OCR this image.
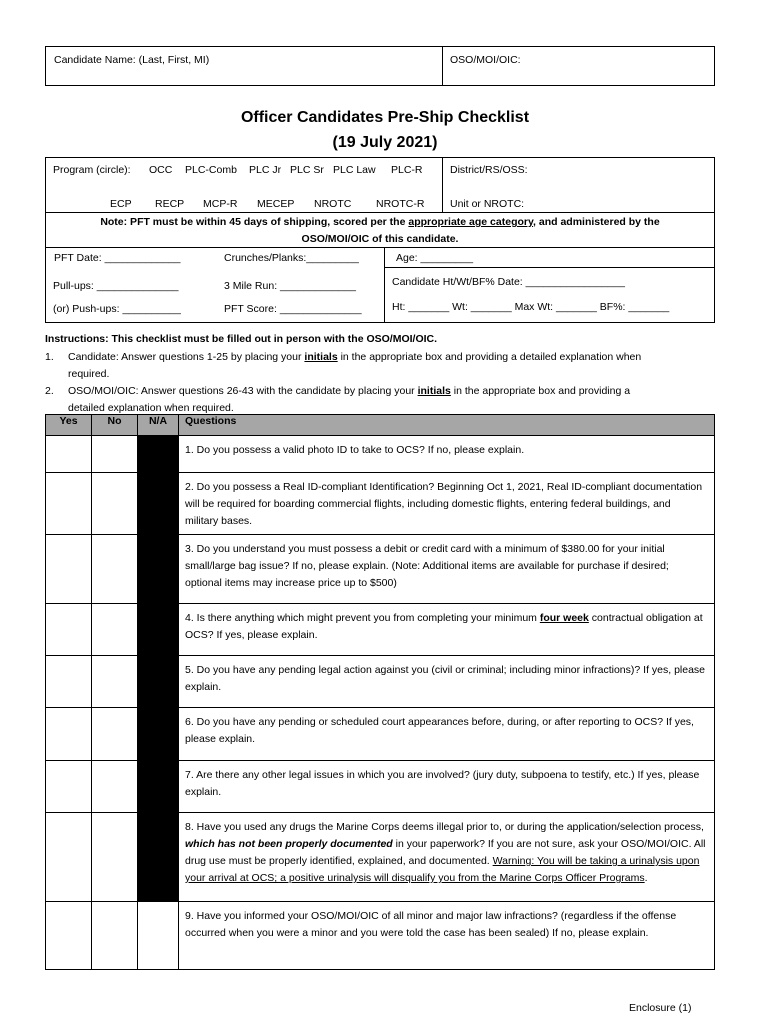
Candidate Name: (Last, First, MI)	OSO/MOI/OIC:
Officer Candidates Pre-Ship Checklist
(19 July 2021)
Program (circle): OCC PLC-Comb PLC Jr PLC Sr PLC Law PLC-R
ECP RECP MCP-R MECEP NROTC NROTC-R
District/RS/OSS:
Unit or NROTC:
Note: PFT must be within 45 days of shipping, scored per the appropriate age category, and administered by the
OSO/MOI/OIC of this candidate.
PFT Date: _____________	Crunches/Planks:_________	Age: _________
Pull-ups: ______________	3 Mile Run: _____________	Candidate Ht/Wt/BF% Date: _________________
(or) Push-ups: __________	PFT Score: ______________	Ht: _______ Wt: _______ Max Wt: _______ BF%: _______
Instructions: This checklist must be filled out in person with the OSO/MOI/OIC.
1. Candidate: Answer questions 1-25 by placing your initials in the appropriate box and providing a detailed explanation when
required.
2. OSO/MOI/OIC: Answer questions 26-43 with the candidate by placing your initials in the appropriate box and providing a
detailed explanation when required.
Yes	No	N/A	Questions
			1. Do you possess a valid photo ID to take to OCS? If no, please explain.
			2. Do you possess a Real ID-compliant Identification? Beginning Oct 1, 2021, Real ID-compliant documentation will be required for boarding commercial flights, including domestic flights, entering federal buildings, and military bases.
			3. Do you understand you must possess a debit or credit card with a minimum of $380.00 for your initial small/large bag issue? If no, please explain. (Note: Additional items are available for purchase if desired; optional items may increase price up to $500)
			4. Is there anything which might prevent you from completing your minimum four week contractual obligation at OCS? If yes, please explain.
			5. Do you have any pending legal action against you (civil or criminal; including minor infractions)? If yes, please explain.
			6. Do you have any pending or scheduled court appearances before, during, or after reporting to OCS? If yes, please explain.
			7. Are there any other legal issues in which you are involved? (jury duty, subpoena to testify, etc.) If yes, please explain.
			8. Have you used any drugs the Marine Corps deems illegal prior to, or during the application/selection process, which has not been properly documented in your paperwork? If you are not sure, ask your OSO/MOI/OIC. All drug use must be properly identified, explained, and documented. Warning: You will be taking a urinalysis upon your arrival at OCS; a positive urinalysis will disqualify you from the Marine Corps Officer Programs.
			9. Have you informed your OSO/MOI/OIC of all minor and major law infractions? (regardless if the offense occurred when you were a minor and you were told the case has been sealed) If no, please explain.
Enclosure (1)
